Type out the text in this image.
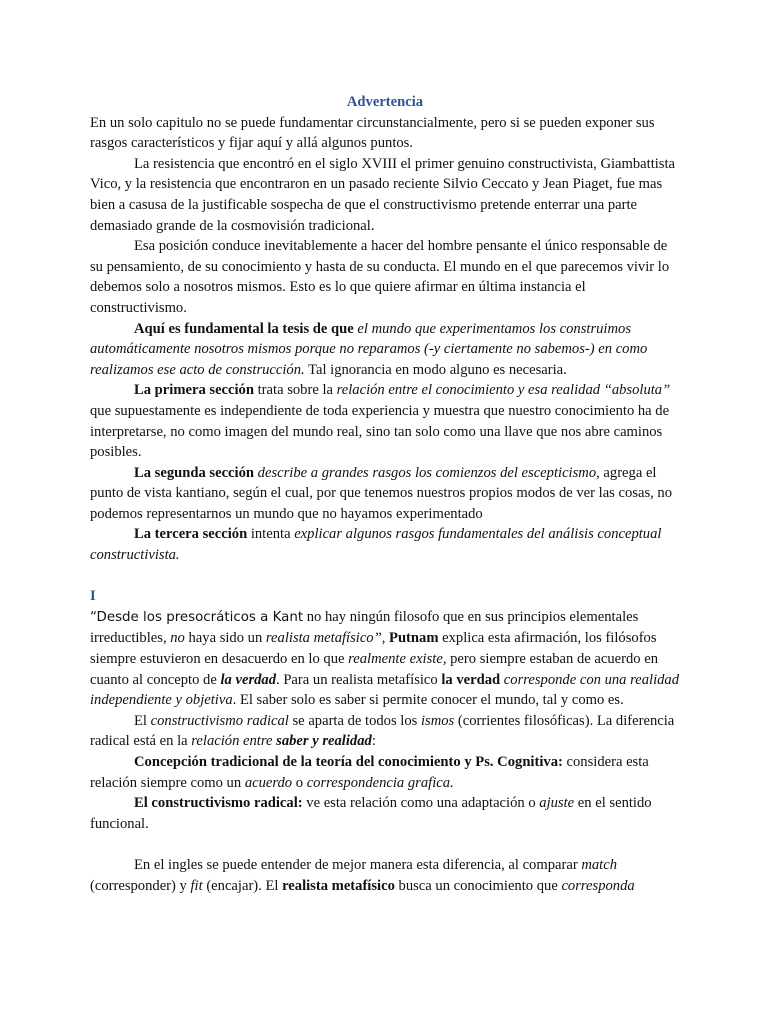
Advertencia

En un solo capitulo no se puede fundamentar circunstancialmente, pero si se pueden exponer sus rasgos característicos y fijar aquí y allá algunos puntos.

La resistencia que encontró en el siglo XVIII el primer genuino constructivista, Giambattista Vico, y la resistencia que encontraron en un pasado reciente Silvio Ceccato y Jean Piaget, fue mas bien a casusa de la justificable sospecha de que el constructivismo pretende enterrar una parte demasiado grande de la cosmovisión tradicional.

Esa posición conduce inevitablemente a hacer del hombre pensante el único responsable de su pensamiento, de su conocimiento y hasta de su conducta. El mundo en el que parecemos vivir lo debemos solo a nosotros mismos. Esto es lo que quiere afirmar en última instancia el constructivismo.

Aquí es fundamental la tesis de que el mundo que experimentamos los construimos automáticamente nosotros mismos porque no reparamos (-y ciertamente no sabemos-) en como realizamos ese acto de construcción. Tal ignorancia en modo alguno es necesaria.

La primera sección trata sobre la relación entre el conocimiento y esa realidad “absoluta” que supuestamente es independiente de toda experiencia y muestra que nuestro conocimiento ha de interpretarse, no como imagen del mundo real, sino tan solo como una llave que nos abre caminos posibles.

La segunda sección describe a grandes rasgos los comienzos del escepticismo, agrega el punto de vista kantiano, según el cual, por que tenemos nuestros propios modos de ver las cosas, no podemos representarnos un mundo que no hayamos experimentado

La tercera sección intenta explicar algunos rasgos fundamentales del análisis conceptual constructivista.

I

“Desde los presocráticos a Kant no hay ningún filosofo que en sus principios elementales irreductibles, no haya sido un realista metafísico”, Putnam explica esta afirmación, los filósofos siempre estuvieron en desacuerdo en lo que realmente existe, pero siempre estaban de acuerdo en cuanto al concepto de la verdad. Para un realista metafísico la verdad corresponde con una realidad independiente y objetiva. El saber solo es saber si permite conocer el mundo, tal y como es.

El constructivismo radical se aparta de todos los ismos (corrientes filosóficas). La diferencia radical está en la relación entre saber y realidad:

Concepción tradicional de la teoría del conocimiento y Ps. Cognitiva: considera esta relación siempre como un acuerdo o correspondencia grafica.

El constructivismo radical: ve esta relación como una adaptación o ajuste en el sentido funcional.

En el ingles se puede entender de mejor manera esta diferencia, al comparar match (corresponder) y fit (encajar). El realista metafísico busca un conocimiento que corresponda
